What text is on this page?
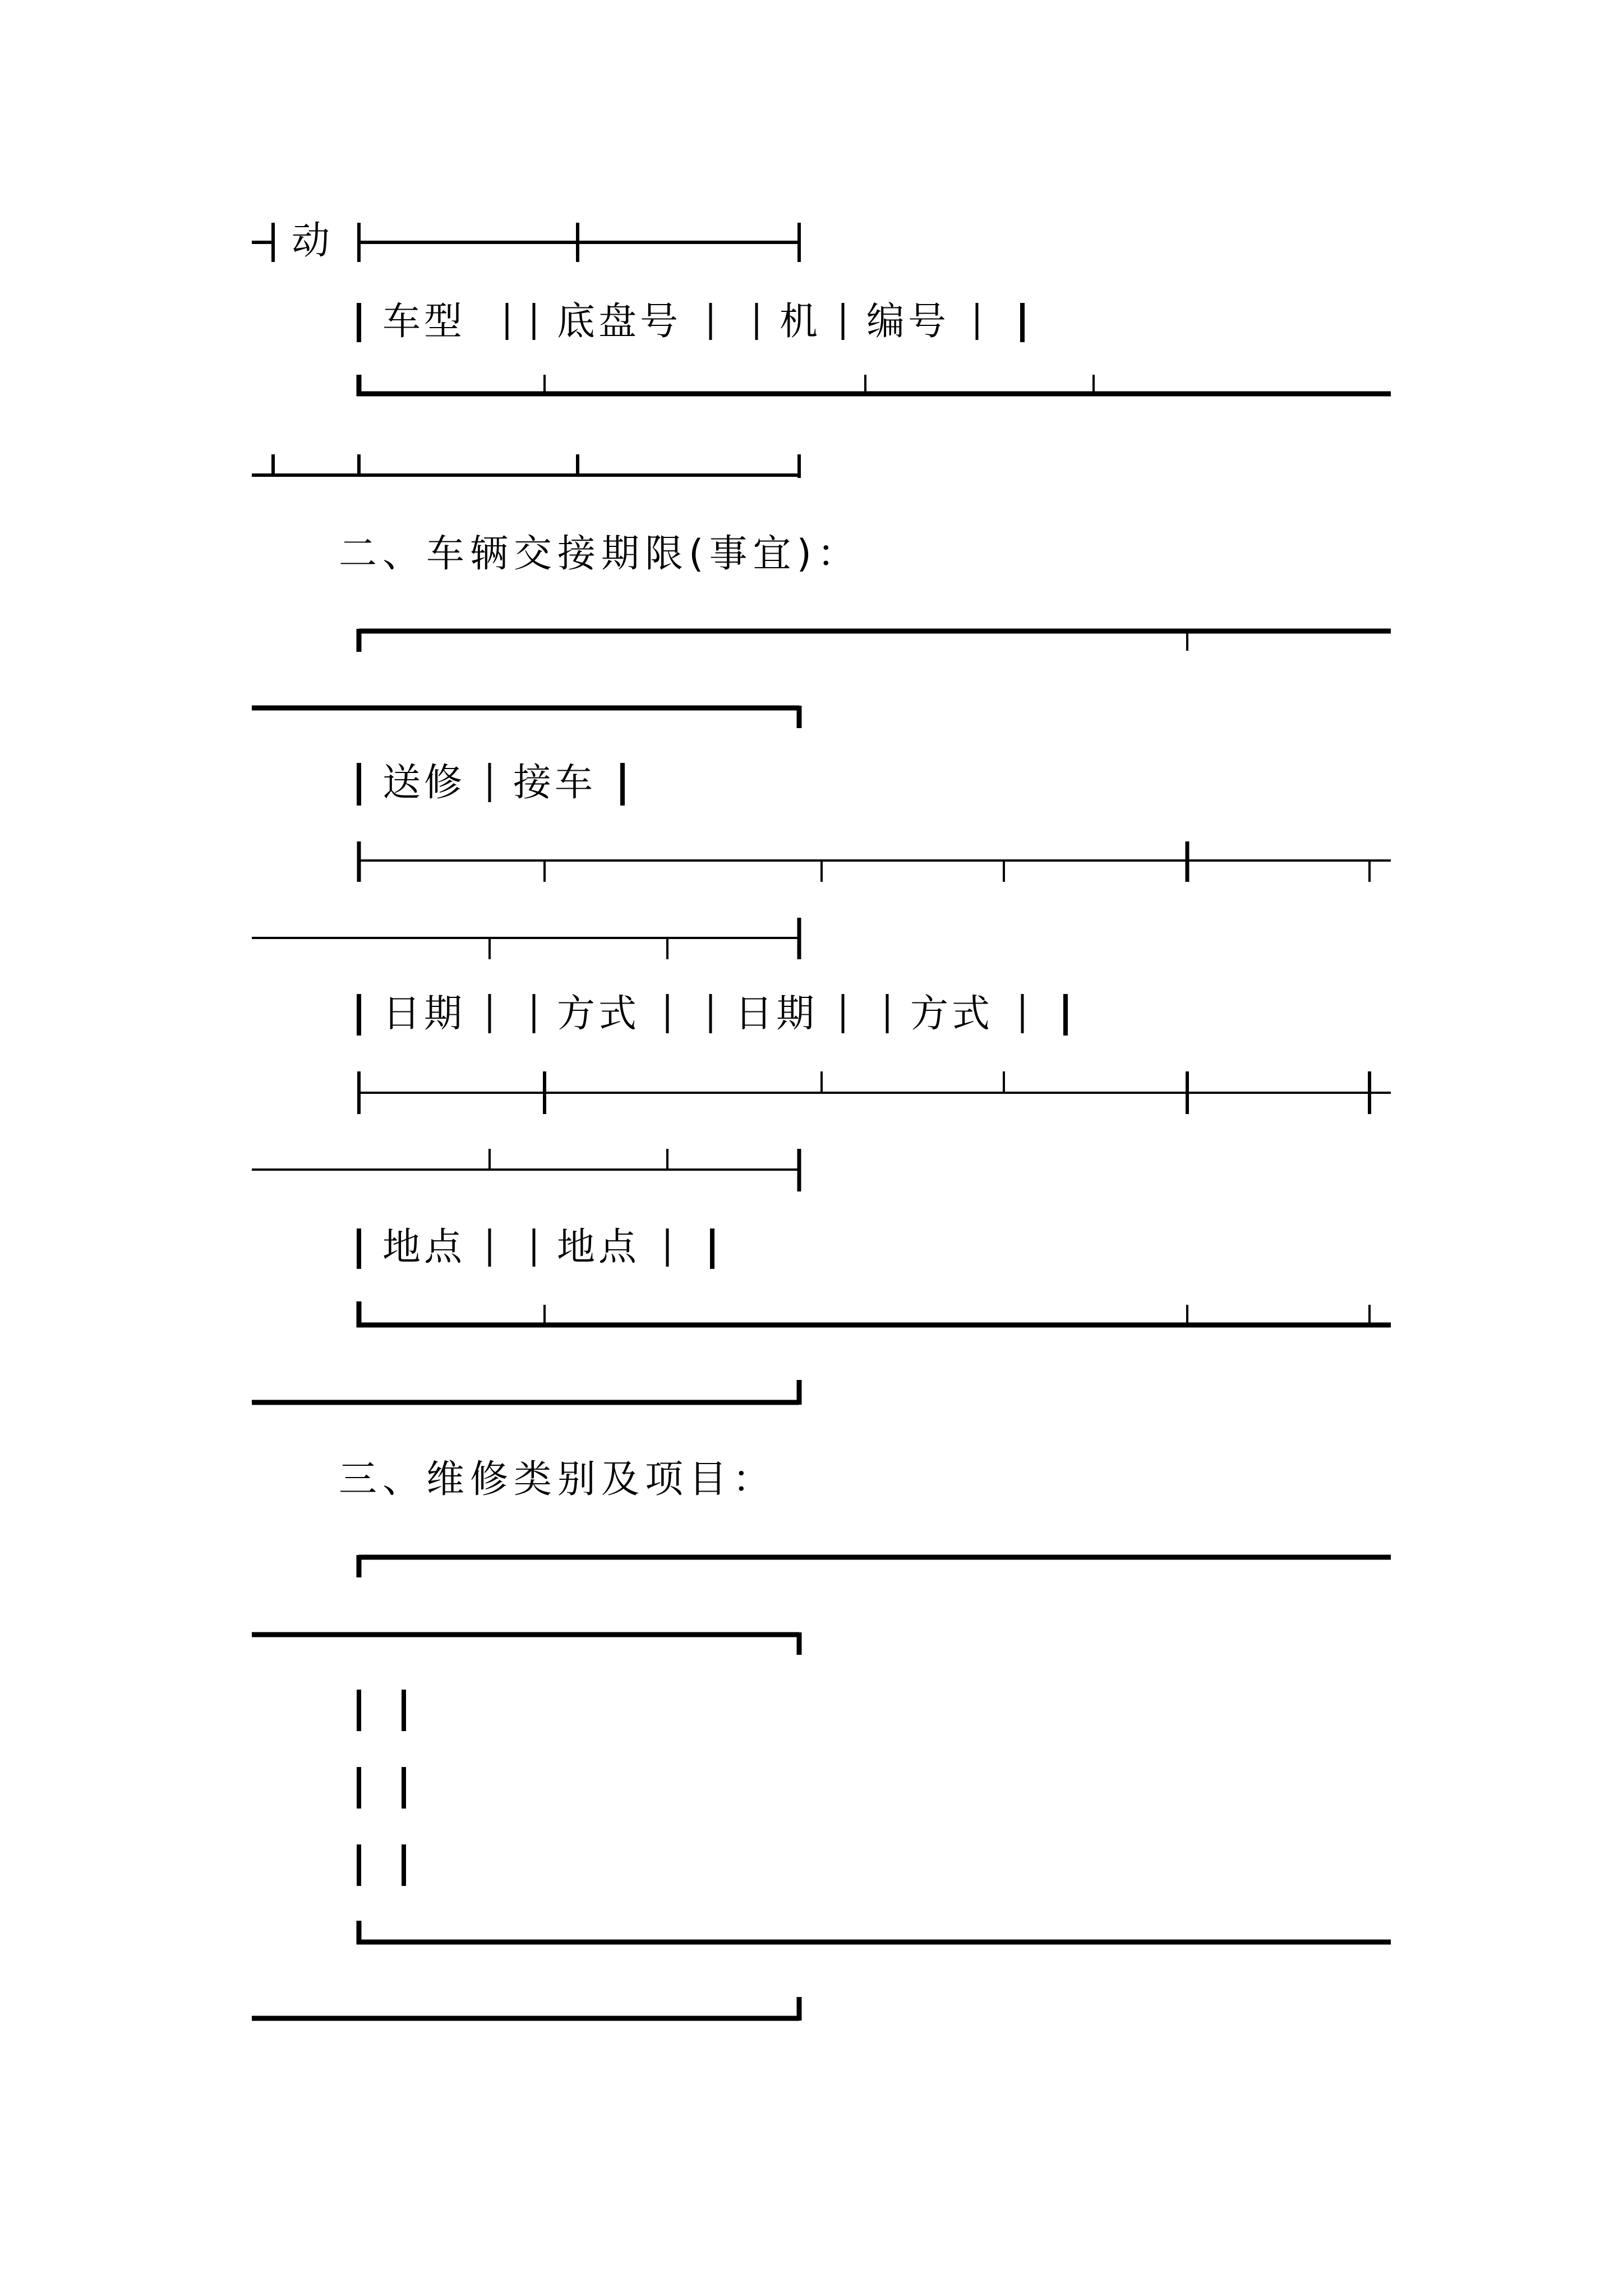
动
车型 底盘号	机 编号
二、车辆交接期限(事宜)：
送修 接车
日期 方式 日期 方式
地点 地点
三、维修类别及项目：
